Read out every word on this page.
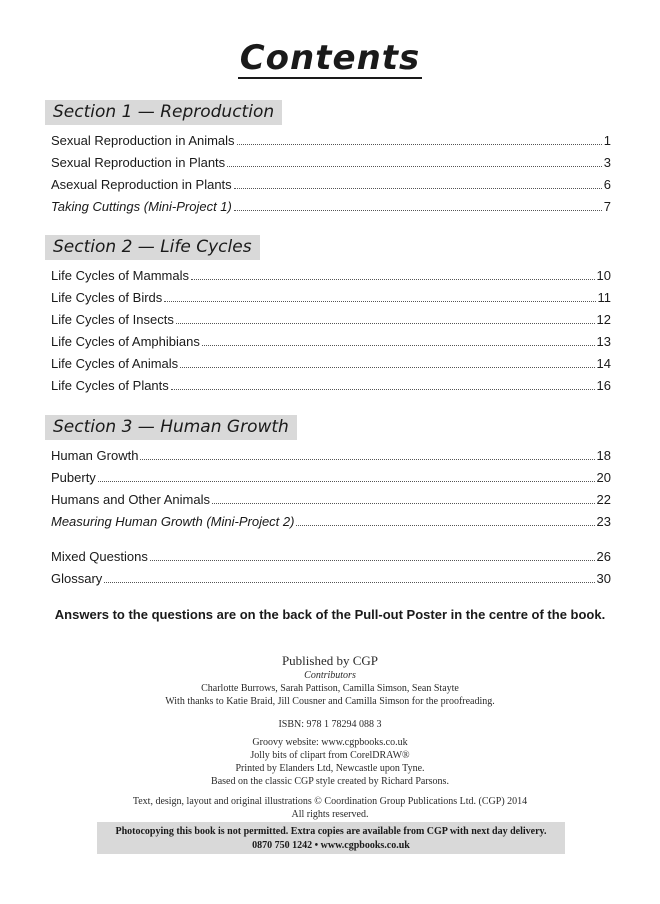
Contents
Section 1 — Reproduction
Sexual Reproduction in Animals	1
Sexual Reproduction in Plants	3
Asexual Reproduction in Plants	6
Taking Cuttings (Mini-Project 1)	7
Section 2 — Life Cycles
Life Cycles of Mammals	10
Life Cycles of Birds	11
Life Cycles of Insects	12
Life Cycles of Amphibians	13
Life Cycles of Animals	14
Life Cycles of Plants	16
Section 3 — Human Growth
Human Growth	18
Puberty	20
Humans and Other Animals	22
Measuring Human Growth (Mini-Project 2)	23
Mixed Questions	26
Glossary	30
Answers to the questions are on the back of the Pull-out Poster in the centre of the book.
Published by CGP
Contributors
Charlotte Burrows, Sarah Pattison, Camilla Simson, Sean Stayte
With thanks to Katie Braid, Jill Cousner and Camilla Simson for the proofreading.
ISBN: 978 1 78294 088 3
Groovy website: www.cgpbooks.co.uk
Jolly bits of clipart from CorelDRAW®
Printed by Elanders Ltd, Newcastle upon Tyne.
Based on the classic CGP style created by Richard Parsons.
Text, design, layout and original illustrations © Coordination Group Publications Ltd. (CGP) 2014
All rights reserved.
Photocopying this book is not permitted. Extra copies are available from CGP with next day delivery.
0870 750 1242 • www.cgpbooks.co.uk
